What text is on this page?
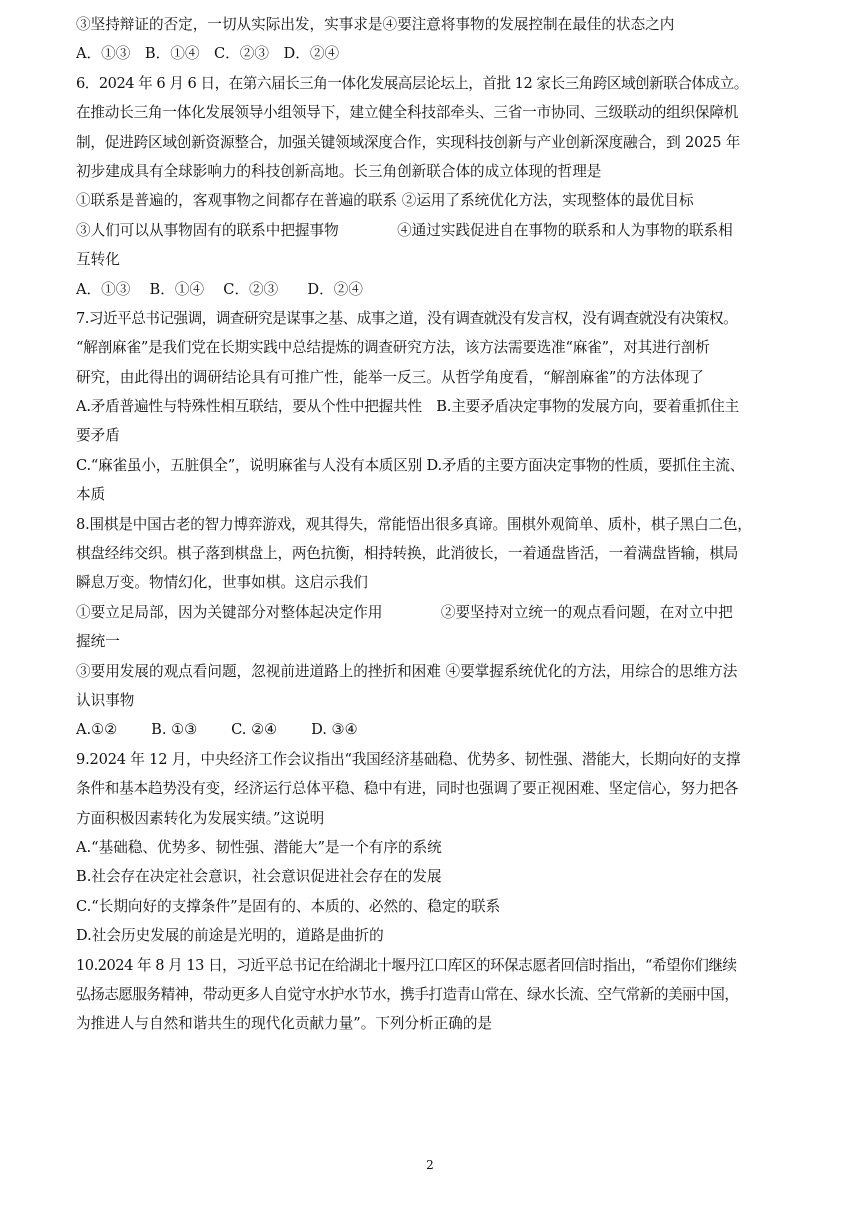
③坚持辩证的否定，一切从实际出发，实事求是④要注意将事物的发展控制在最佳的状态之内
A．①③　B．①④　C．②③　D．②④
6．2024 年 6 月 6 日，在第六届长三角一体化发展高层论坛上，首批 12 家长三角跨区域创新联合体成立。
在推动长三角一体化发展领导小组领导下，建立健全科技部牵头、三省一市协同、三级联动的组织保障机
制，促进跨区域创新资源整合，加强关键领域深度合作，实现科技创新与产业创新深度融合，到 2025 年
初步建成具有全球影响力的科技创新高地。长三角创新联合体的成立体现的哲理是
①联系是普遍的，客观事物之间都存在普遍的联系 ②运用了系统优化方法，实现整体的最优目标
③人们可以从事物固有的联系中把握事物　　　　④通过实践促进自在事物的联系和人为事物的联系相
互转化
A．①③　 B．①④　 C．②③　　D．②④
7.习近平总书记强调，调查研究是谋事之基、成事之道，没有调查就没有发言权，没有调查就没有决策权。
“解剖麻雀”是我们党在长期实践中总结提炼的调查研究方法，该方法需要选准“麻雀”，对其进行剖析
研究，由此得出的调研结论具有可推广性，能举一反三。从哲学角度看，“解剖麻雀”的方法体现了
A.矛盾普遍性与特殊性相互联结，要从个性中把握共性　B.主要矛盾决定事物的发展方向，要着重抓住主
要矛盾
C.“麻雀虽小，五脏俱全”，说明麻雀与人没有本质区别 D.矛盾的主要方面决定事物的性质，要抓住主流、
本质
8.围棋是中国古老的智力博弈游戏，观其得失，常能悟出很多真谛。围棋外观简单、质朴，棋子黑白二色，
棋盘经纬交织。棋子落到棋盘上，两色抗衡，相持转换，此消彼长，一着通盘皆活，一着满盘皆输，棋局
瞬息万变。物情幻化，世事如棋。这启示我们
①要立足局部，因为关键部分对整体起决定作用　　　　②要坚持对立统一的观点看问题，在对立中把
握统一
③要用发展的观点看问题，忽视前进道路上的挫折和困难 ④要掌握系统优化的方法，用综合的思维方法
认识事物
A.①②　　 B. ①③　　 C. ②④　　 D. ③④
9.2024 年 12 月，中央经济工作会议指出“我国经济基础稳、优势多、韧性强、潜能大，长期向好的支撑
条件和基本趋势没有变，经济运行总体平稳、稳中有进，同时也强调了要正视困难、坚定信心，努力把各
方面积极因素转化为发展实绩。”这说明
A.“基础稳、优势多、韧性强、潜能大”是一个有序的系统
B.社会存在决定社会意识，社会意识促进社会存在的发展
C.“长期向好的支撑条件”是固有的、本质的、必然的、稳定的联系
D.社会历史发展的前途是光明的，道路是曲折的
10.2024 年 8 月 13 日，习近平总书记在给湖北十堰丹江口库区的环保志愿者回信时指出，“希望你们继续
弘扬志愿服务精神，带动更多人自觉守水护水节水，携手打造青山常在、绿水长流、空气常新的美丽中国，
为推进人与自然和谐共生的现代化贡献力量”。下列分析正确的是
2
